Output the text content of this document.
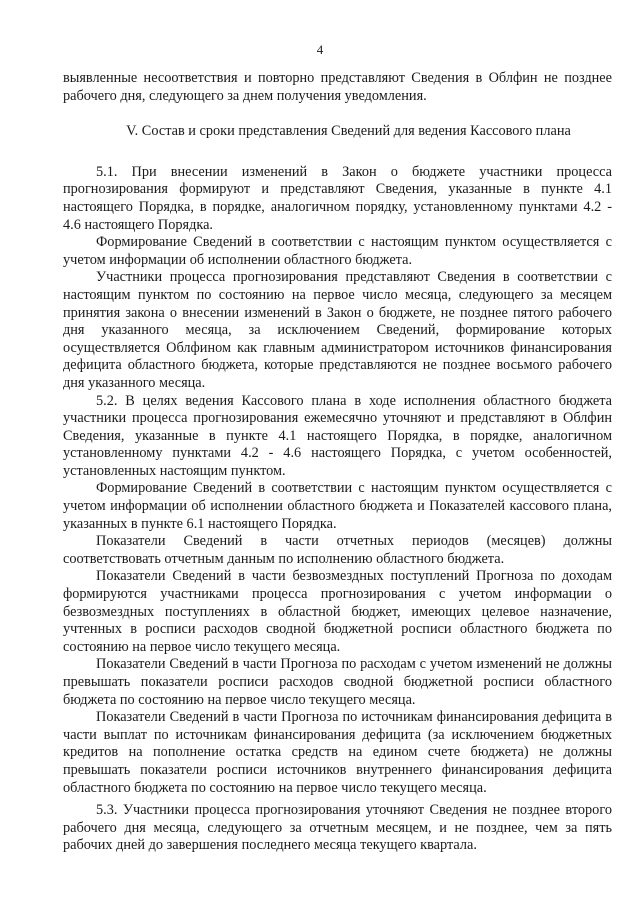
4

выявленные несоответствия и повторно представляют Сведения в Облфин не позднее рабочего дня, следующего за днем получения уведомления.

V. Состав и сроки представления Сведений для ведения Кассового плана

5.1. При внесении изменений в Закон о бюджете участники процесса прогнозирования формируют и представляют Сведения, указанные в пункте 4.1 настоящего Порядка, в порядке, аналогичном порядку, установленному пунктами 4.2 - 4.6 настоящего Порядка.

Формирование Сведений в соответствии с настоящим пунктом осуществляется с учетом информации об исполнении областного бюджета.

Участники процесса прогнозирования представляют Сведения в соответствии с настоящим пунктом по состоянию на первое число месяца, следующего за месяцем принятия закона о внесении изменений в Закон о бюджете, не позднее пятого рабочего дня указанного месяца, за исключением Сведений, формирование которых осуществляется Облфином как главным администратором источников финансирования дефицита областного бюджета, которые представляются не позднее восьмого рабочего дня указанного месяца.

5.2. В целях ведения Кассового плана в ходе исполнения областного бюджета участники процесса прогнозирования ежемесячно уточняют и представляют в Облфин Сведения, указанные в пункте 4.1 настоящего Порядка, в порядке, аналогичном установленному пунктами 4.2 - 4.6 настоящего Порядка, с учетом особенностей, установленных настоящим пунктом.

Формирование Сведений в соответствии с настоящим пунктом осуществляется с учетом информации об исполнении областного бюджета и Показателей кассового плана, указанных в пункте 6.1 настоящего Порядка.

Показатели Сведений в части отчетных периодов (месяцев) должны соответствовать отчетным данным по исполнению областного бюджета.

Показатели Сведений в части безвозмездных поступлений Прогноза по доходам формируются участниками процесса прогнозирования с учетом информации о безвозмездных поступлениях в областной бюджет, имеющих целевое назначение, учтенных в росписи расходов сводной бюджетной росписи областного бюджета по состоянию на первое число текущего месяца.

Показатели Сведений в части Прогноза по расходам с учетом изменений не должны превышать показатели росписи расходов сводной бюджетной росписи областного бюджета по состоянию на первое число текущего месяца.

Показатели Сведений в части Прогноза по источникам финансирования дефицита в части выплат по источникам финансирования дефицита (за исключением бюджетных кредитов на пополнение остатка средств на едином счете бюджета) не должны превышать показатели росписи источников внутреннего финансирования дефицита областного бюджета по состоянию на первое число текущего месяца.

5.3. Участники процесса прогнозирования уточняют Сведения не позднее второго рабочего дня месяца, следующего за отчетным месяцем, и не позднее, чем за пять рабочих дней до завершения последнего месяца текущего квартала.
